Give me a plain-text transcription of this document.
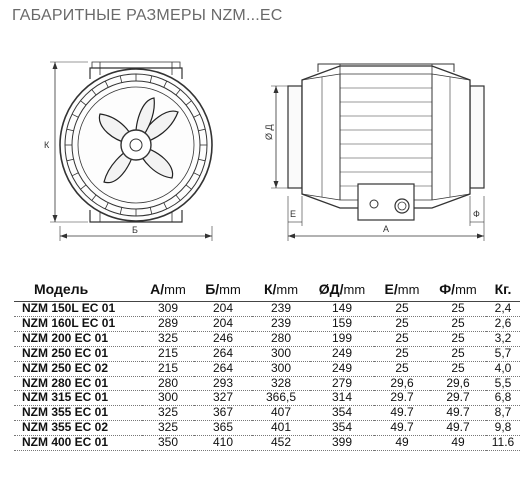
ГАБАРИТНЫЕ РАЗМЕРЫ NZM...EC
К
Б
Ø Д
А
Е	Ф
Модель	А/mm	Б/mm	К/mm	ØД/mm	Е/mm	Ф/mm	Кг.
NZM 150L EC 01	309	204	239	149	25	25	2,4
NZM 160L EC 01	289	204	239	159	25	25	2,6
NZM 200 EC 01	325	246	280	199	25	25	3,2
NZM 250 EC 01	215	264	300	249	25	25	5,7
NZM 250 EC 02	215	264	300	249	25	25	4,0
NZM 280 EC 01	280	293	328	279	29,6	29,6	5,5
NZM 315 EC 01	300	327	366,5	314	29.7	29.7	6,8
NZM 355 EC 01	325	367	407	354	49.7	49.7	8,7
NZM 355 EC 02	325	365	401	354	49.7	49.7	9,8
NZM 400 EC 01	350	410	452	399	49	49	11.6
